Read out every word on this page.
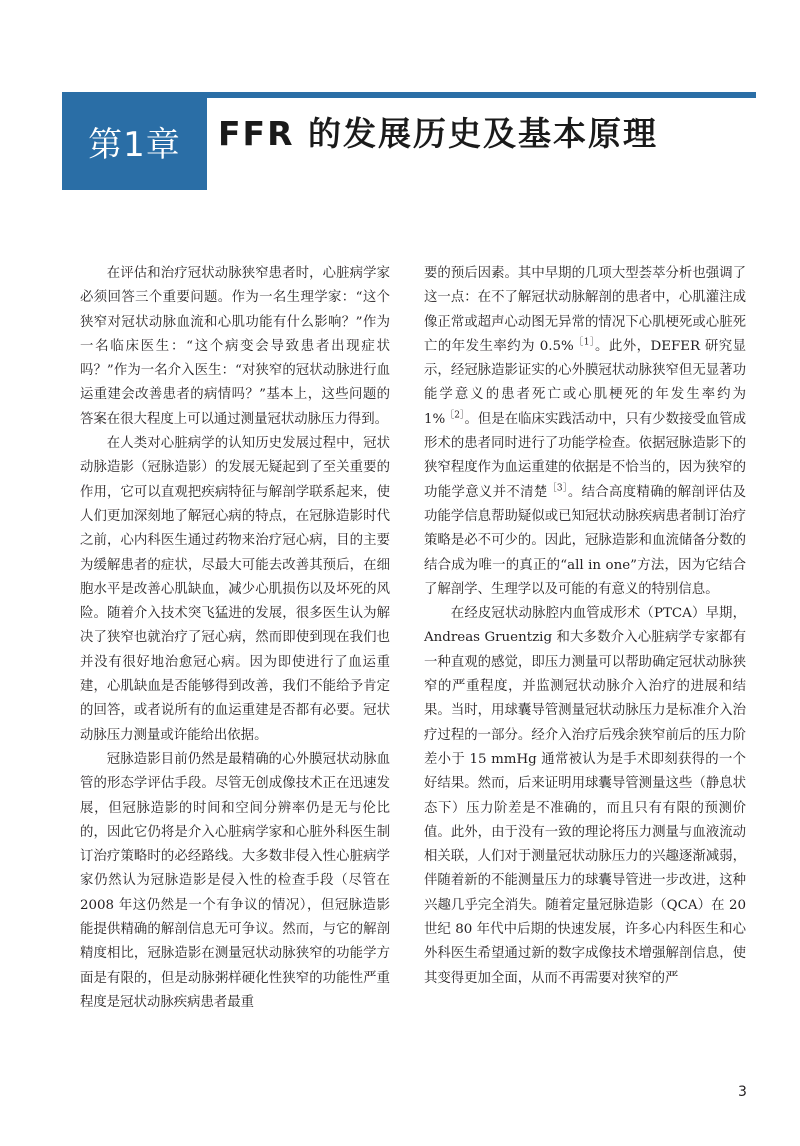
第1章 FFR 的发展历史及基本原理

在评估和治疗冠状动脉狭窄患者时，心脏病学家必须回答三个重要问题。作为一名生理学家：“这个狭窄对冠状动脉血流和心肌功能有什么影响？”作为一名临床医生：“这个病变会导致患者出现症状吗？”作为一名介入医生：“对狭窄的冠状动脉进行血运重建会改善患者的病情吗？”基本上，这些问题的答案在很大程度上可以通过测量冠状动脉压力得到。

在人类对心脏病学的认知历史发展过程中，冠状动脉造影（冠脉造影）的发展无疑起到了至关重要的作用，它可以直观把疾病特征与解剖学联系起来，使人们更加深刻地了解冠心病的特点，在冠脉造影时代之前，心内科医生通过药物来治疗冠心病，目的主要为缓解患者的症状，尽最大可能去改善其预后，在细胞水平是改善心肌缺血，减少心肌损伤以及坏死的风险。随着介入技术突飞猛进的发展，很多医生认为解决了狭窄也就治疗了冠心病，然而即使到现在我们也并没有很好地治愈冠心病。因为即使进行了血运重建，心肌缺血是否能够得到改善，我们不能给予肯定的回答，或者说所有的血运重建是否都有必要。冠状动脉压力测量或许能给出依据。

冠脉造影目前仍然是最精确的心外膜冠状动脉血管的形态学评估手段。尽管无创成像技术正在迅速发展，但冠脉造影的时间和空间分辨率仍是无与伦比的，因此它仍将是介入心脏病学家和心脏外科医生制订治疗策略时的必经路线。大多数非侵入性心脏病学家仍然认为冠脉造影是侵入性的检查手段（尽管在 2008 年这仍然是一个有争议的情况），但冠脉造影能提供精确的解剖信息无可争议。然而，与它的解剖精度相比，冠脉造影在测量冠状动脉狭窄的功能学方面是有限的，但是动脉粥样硬化性狭窄的功能性严重程度是冠状动脉疾病患者最重

要的预后因素。其中早期的几项大型荟萃分析也强调了这一点：在不了解冠状动脉解剖的患者中，心肌灌注成像正常或超声心动图无异常的情况下心肌梗死或心脏死亡的年发生率约为 0.5%$^{[1]}$。此外，DEFER 研究显示，经冠脉造影证实的心外膜冠状动脉狭窄但无显著功能学意义的患者死亡或心肌梗死的年发生率约为 1%$^{[2]}$。但是在临床实践活动中，只有少数接受血管成形术的患者同时进行了功能学检查。依据冠脉造影下的狭窄程度作为血运重建的依据是不恰当的，因为狭窄的功能学意义并不清楚$^{[3]}$。结合高度精确的解剖评估及功能学信息帮助疑似或已知冠状动脉疾病患者制订治疗策略是必不可少的。因此，冠脉造影和血流储备分数的结合成为唯一的真正的“all in one”方法，因为它结合了解剖学、生理学以及可能的有意义的特别信息。

在经皮冠状动脉腔内血管成形术（PTCA）早期，Andreas Gruentzig 和大多数介入心脏病学专家都有一种直观的感觉，即压力测量可以帮助确定冠状动脉狭窄的严重程度，并监测冠状动脉介入治疗的进展和结果。当时，用球囊导管测量冠状动脉压力是标准介入治疗过程的一部分。经介入治疗后残余狭窄前后的压力阶差小于 15 mmHg 通常被认为是手术即刻获得的一个好结果。然而，后来证明用球囊导管测量这些（静息状态下）压力阶差是不准确的，而且只有有限的预测价值。此外，由于没有一致的理论将压力测量与血液流动相关联，人们对于测量冠状动脉压力的兴趣逐渐减弱，伴随着新的不能测量压力的球囊导管进一步改进，这种兴趣几乎完全消失。随着定量冠脉造影（QCA）在 20 世纪 80 年代中后期的快速发展，许多心内科医生和心外科医生希望通过新的数字成像技术增强解剖信息，使其变得更加全面，从而不再需要对狭窄的严

3
